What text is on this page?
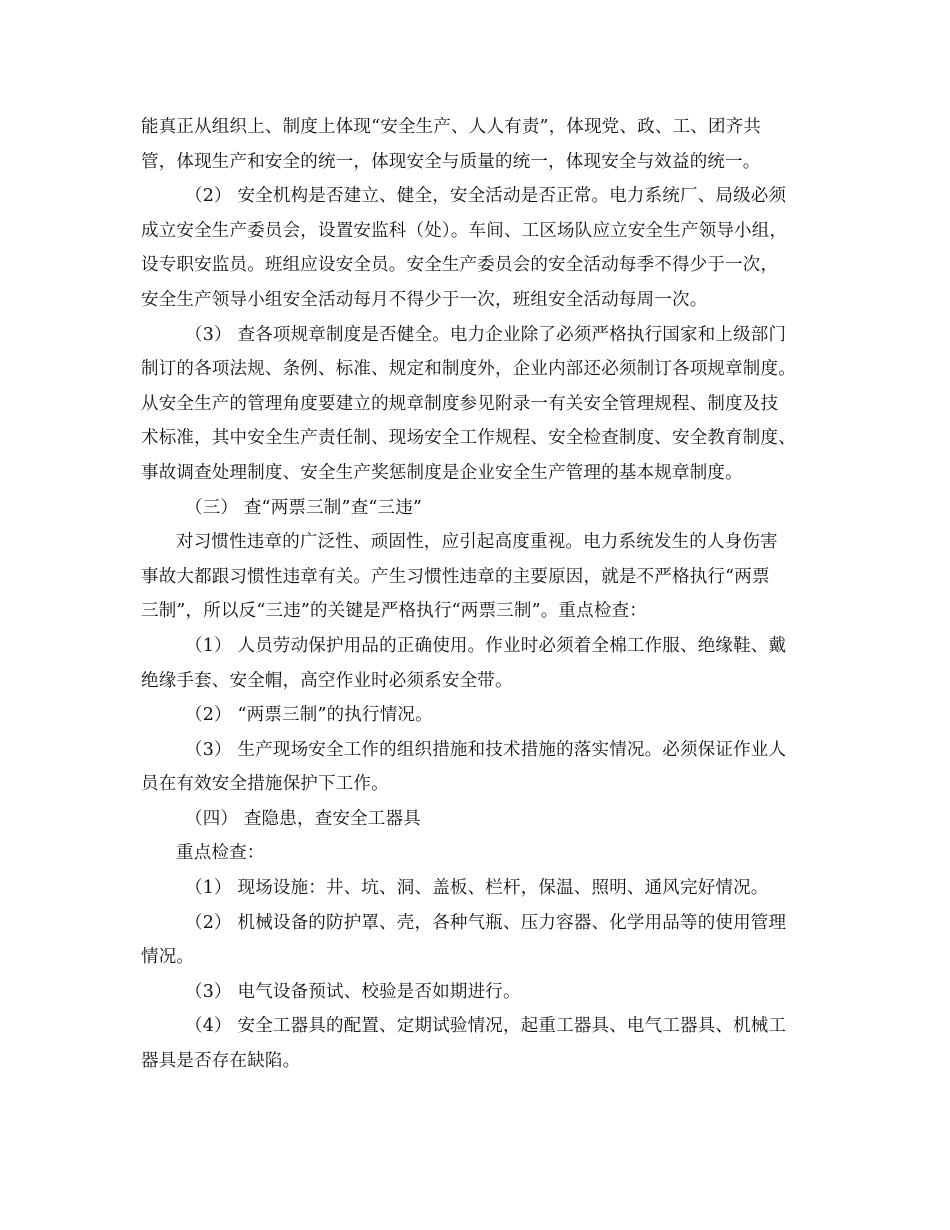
能真正从组织上、制度上体现“安全生产、人人有责”，体现党、政、工、团齐共
管，体现生产和安全的统一，体现安全与质量的统一，体现安全与效益的统一。
（2） 安全机构是否建立、健全，安全活动是否正常。电力系统厂、局级必须
成立安全生产委员会，设置安监科（处）。车间、工区场队应立安全生产领导小组，
设专职安监员。班组应设安全员。安全生产委员会的安全活动每季不得少于一次，
安全生产领导小组安全活动每月不得少于一次，班组安全活动每周一次。
（3） 查各项规章制度是否健全。电力企业除了必须严格执行国家和上级部门
制订的各项法规、条例、标准、规定和制度外，企业内部还必须制订各项规章制度。
从安全生产的管理角度要建立的规章制度参见附录一有关安全管理规程、制度及技
术标准，其中安全生产责任制、现场安全工作规程、安全检查制度、安全教育制度、
事故调查处理制度、安全生产奖惩制度是企业安全生产管理的基本规章制度。
（三） 查“两票三制”查“三违”
对习惯性违章的广泛性、顽固性，应引起高度重视。电力系统发生的人身伤害
事故大都跟习惯性违章有关。产生习惯性违章的主要原因，就是不严格执行“两票
三制”，所以反“三违”的关键是严格执行“两票三制”。重点检查：
（1） 人员劳动保护用品的正确使用。作业时必须着全棉工作服、绝缘鞋、戴
绝缘手套、安全帽，高空作业时必须系安全带。
（2） “两票三制”的执行情况。
（3） 生产现场安全工作的组织措施和技术措施的落实情况。必须保证作业人
员在有效安全措施保护下工作。
（四） 查隐患，查安全工器具
重点检查：
（1） 现场设施：井、坑、洞、盖板、栏杆，保温、照明、通风完好情况。
（2） 机械设备的防护罩、壳，各种气瓶、压力容器、化学用品等的使用管理
情况。
（3） 电气设备预试、校验是否如期进行。
（4） 安全工器具的配置、定期试验情况，起重工器具、电气工器具、机械工
器具是否存在缺陷。
